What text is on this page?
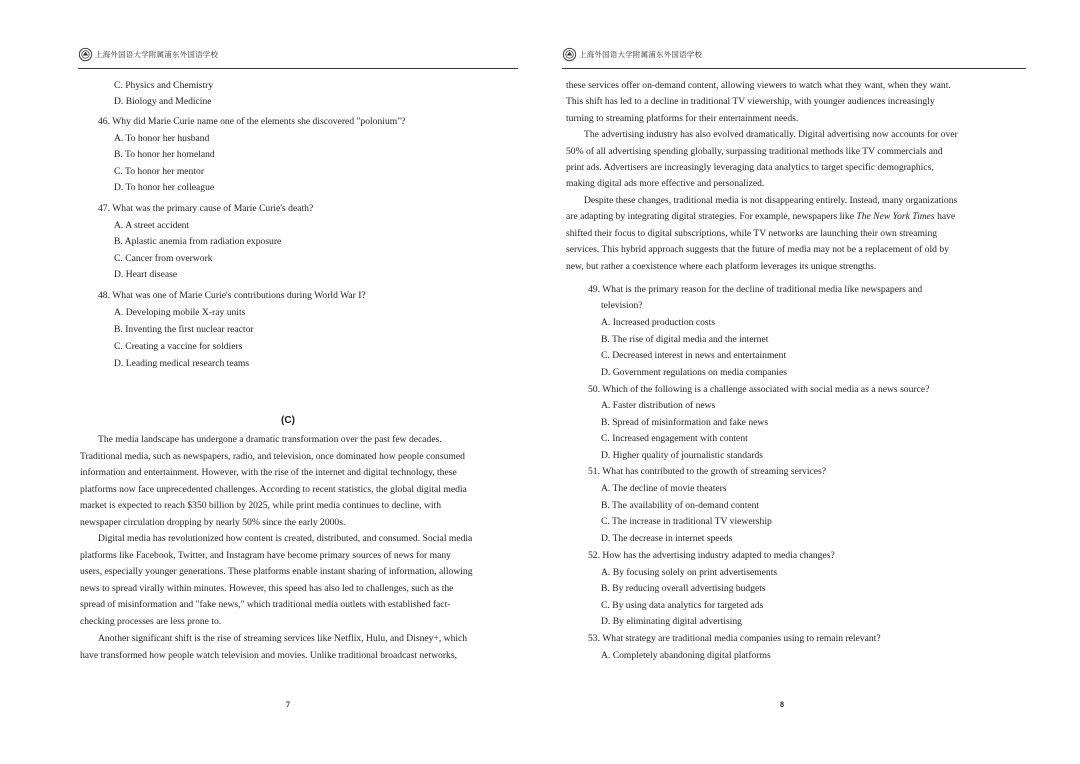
上海外国语大学附属浦东外国语学校	上海外国语大学附属浦东外国语学校
C. Physics and Chemistry
D. Biology and Medicine
46. Why did Marie Curie name one of the elements she discovered "polonium"?
A. To honor her husband
B. To honor her homeland
C. To honor her mentor
D. To honor her colleague
47. What was the primary cause of Marie Curie's death?
A. A street accident
B. Aplastic anemia from radiation exposure
C. Cancer from overwork
D. Heart disease
48. What was one of Marie Curie's contributions during World War I?
A. Developing mobile X-ray units
B. Inventing the first nuclear reactor
C. Creating a vaccine for soldiers
D. Leading medical research teams
(C)
The media landscape has undergone a dramatic transformation over the past few decades.
Traditional media, such as newspapers, radio, and television, once dominated how people consumed
information and entertainment. However, with the rise of the internet and digital technology, these
platforms now face unprecedented challenges. According to recent statistics, the global digital media
market is expected to reach $350 billion by 2025, while print media continues to decline, with
newspaper circulation dropping by nearly 50% since the early 2000s.
Digital media has revolutionized how content is created, distributed, and consumed. Social media
platforms like Facebook, Twitter, and Instagram have become primary sources of news for many
users, especially younger generations. These platforms enable instant sharing of information, allowing
news to spread virally within minutes. However, this speed has also led to challenges, such as the
spread of misinformation and "fake news," which traditional media outlets with established fact-
checking processes are less prone to.
Another significant shift is the rise of streaming services like Netflix, Hulu, and Disney+, which
have transformed how people watch television and movies. Unlike traditional broadcast networks,
7
these services offer on-demand content, allowing viewers to watch what they want, when they want.
This shift has led to a decline in traditional TV viewership, with younger audiences increasingly
turning to streaming platforms for their entertainment needs.
The advertising industry has also evolved dramatically. Digital advertising now accounts for over
50% of all advertising spending globally, surpassing traditional methods like TV commercials and
print ads. Advertisers are increasingly leveraging data analytics to target specific demographics,
making digital ads more effective and personalized.
Despite these changes, traditional media is not disappearing entirely. Instead, many organizations
are adapting by integrating digital strategies. For example, newspapers like The New York Times have
shifted their focus to digital subscriptions, while TV networks are launching their own streaming
services. This hybrid approach suggests that the future of media may not be a replacement of old by
new, but rather a coexistence where each platform leverages its unique strengths.
49. What is the primary reason for the decline of traditional media like newspapers and
television?
A. Increased production costs
B. The rise of digital media and the internet
C. Decreased interest in news and entertainment
D. Government regulations on media companies
50. Which of the following is a challenge associated with social media as a news source?
A. Faster distribution of news
B. Spread of misinformation and fake news
C. Increased engagement with content
D. Higher quality of journalistic standards
51. What has contributed to the growth of streaming services?
A. The decline of movie theaters
B. The availability of on-demand content
C. The increase in traditional TV viewership
D. The decrease in internet speeds
52. How has the advertising industry adapted to media changes?
A. By focusing solely on print advertisements
B. By reducing overall advertising budgets
C. By using data analytics for targeted ads
D. By eliminating digital advertising
53. What strategy are traditional media companies using to remain relevant?
A. Completely abandoning digital platforms
8
